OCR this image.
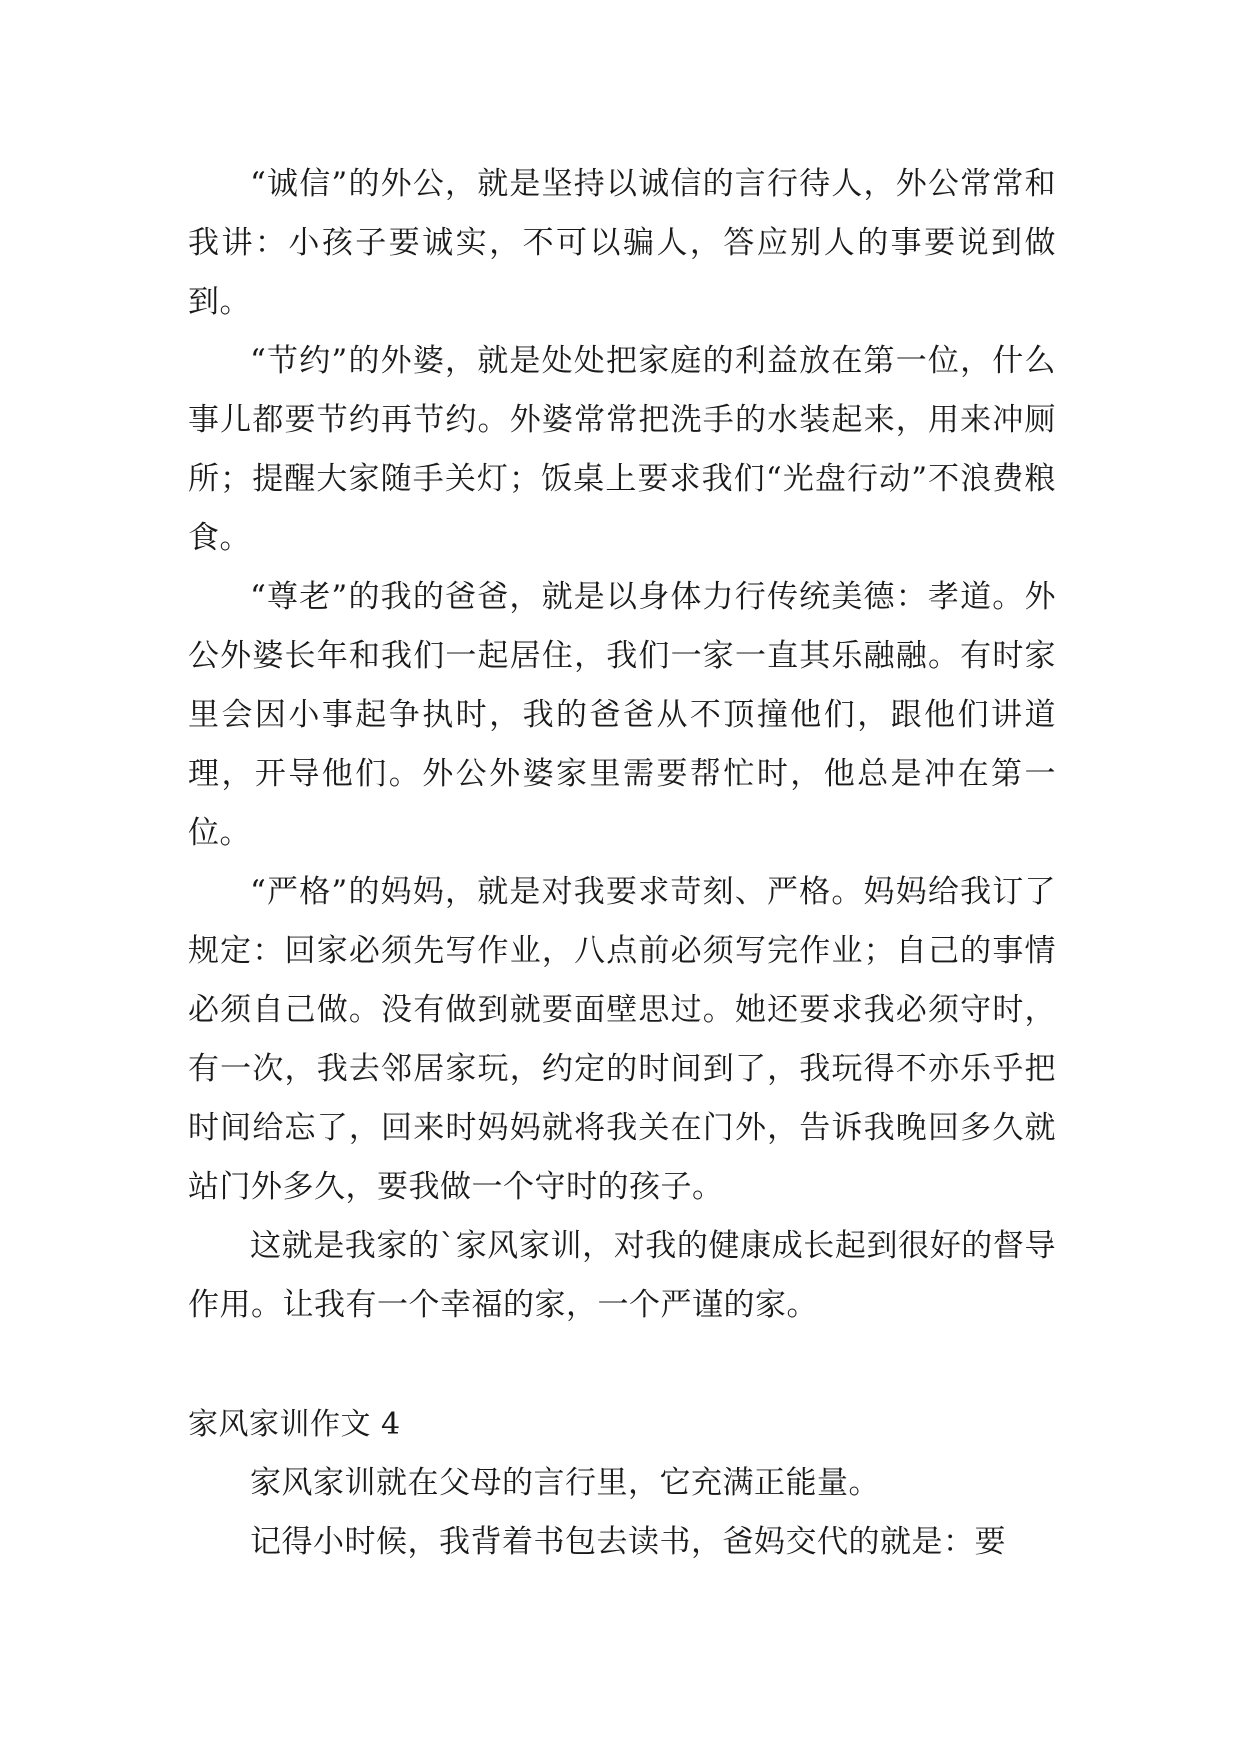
“诚信”的外公，就是坚持以诚信的言行待人，外公常常和我讲：小孩子要诚实，不可以骗人，答应别人的事要说到做到。

“节约”的外婆，就是处处把家庭的利益放在第一位，什么事儿都要节约再节约。外婆常常把洗手的水装起来，用来冲厕所；提醒大家随手关灯；饭桌上要求我们“光盘行动”不浪费粮食。

“尊老”的我的爸爸，就是以身体力行传统美德：孝道。外公外婆长年和我们一起居住，我们一家一直其乐融融。有时家里会因小事起争执时，我的爸爸从不顶撞他们，跟他们讲道理，开导他们。外公外婆家里需要帮忙时，他总是冲在第一位。

“严格”的妈妈，就是对我要求苛刻、严格。妈妈给我订了规定：回家必须先写作业，八点前必须写完作业；自己的事情必须自己做。没有做到就要面壁思过。她还要求我必须守时，有一次，我去邻居家玩，约定的时间到了，我玩得不亦乐乎把时间给忘了，回来时妈妈就将我关在门外，告诉我晚回多久就站门外多久，要我做一个守时的孩子。

这就是我家的`家风家训，对我的健康成长起到很好的督导作用。让我有一个幸福的家，一个严谨的家。

家风家训作文 4

家风家训就在父母的言行里，它充满正能量。

记得小时候，我背着书包去读书，爸妈交代的就是：要
